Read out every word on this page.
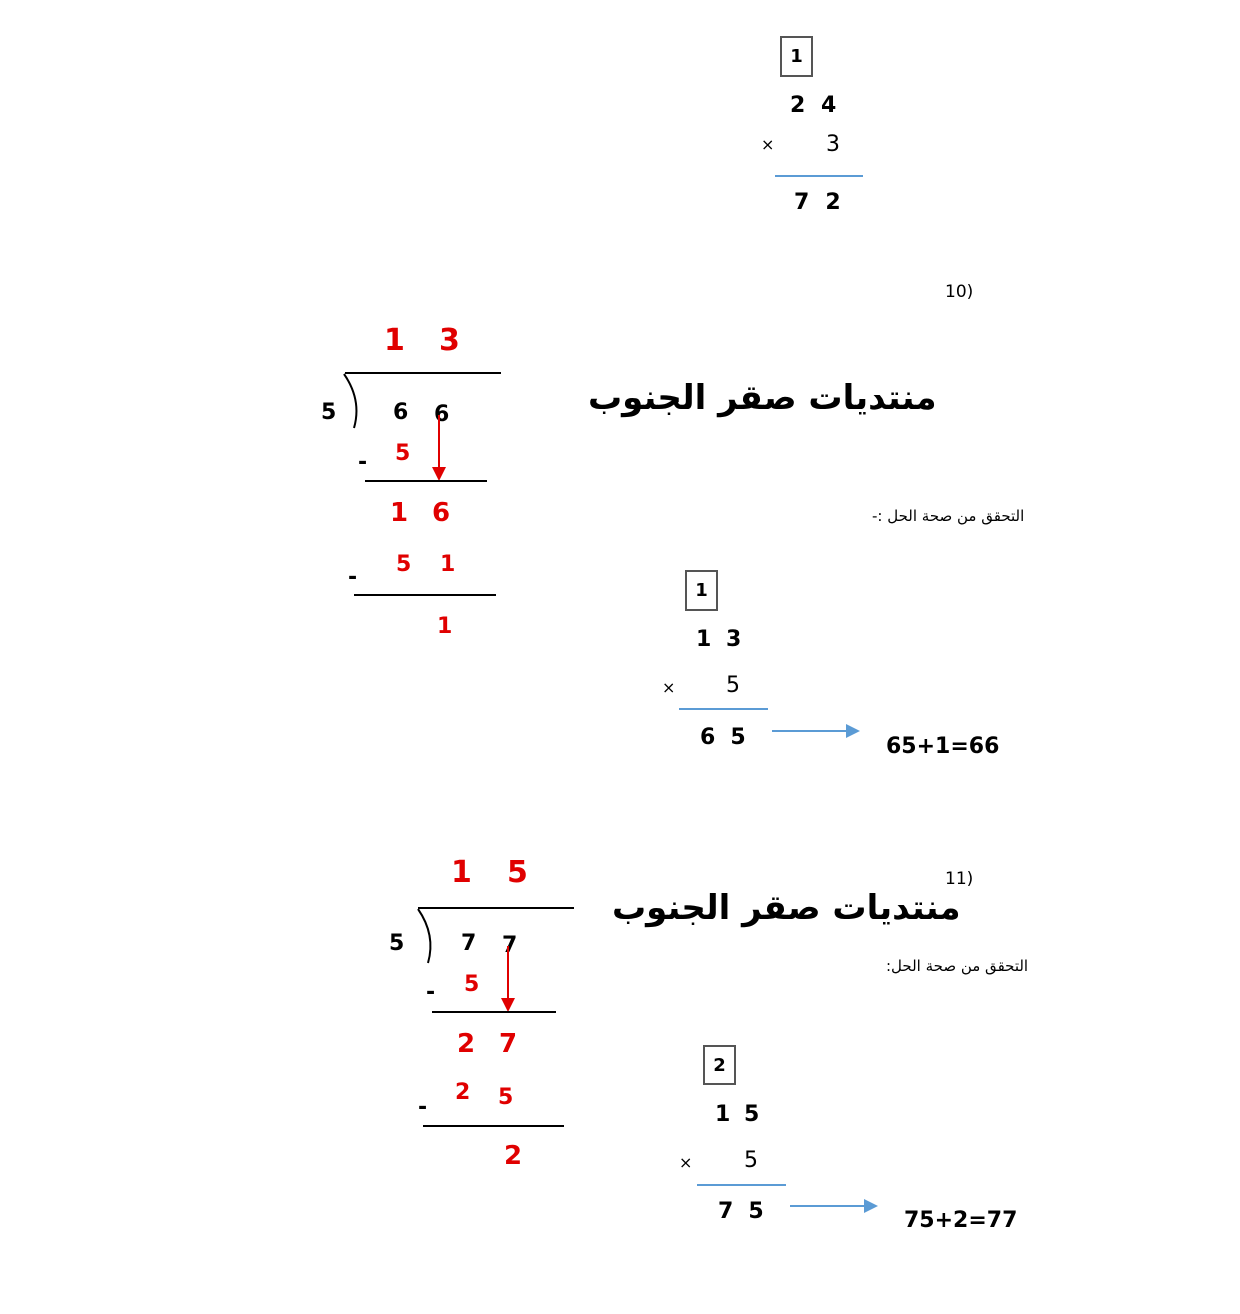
1
2 4
× 3
7 2
10)
1 3
5	6 6
5
-
1 6
5 1
-
1
منتديات صقر الجنوب
التحقق من صحة الحل :-
1
1 3
× 5
6 5	65+1=66
11)
1 5
5	7 7
5
-
2 7
2 5
-
2
منتديات صقر الجنوب
التحقق من صحة الحل:
2
1 5
× 5
7 5	75+2=77
